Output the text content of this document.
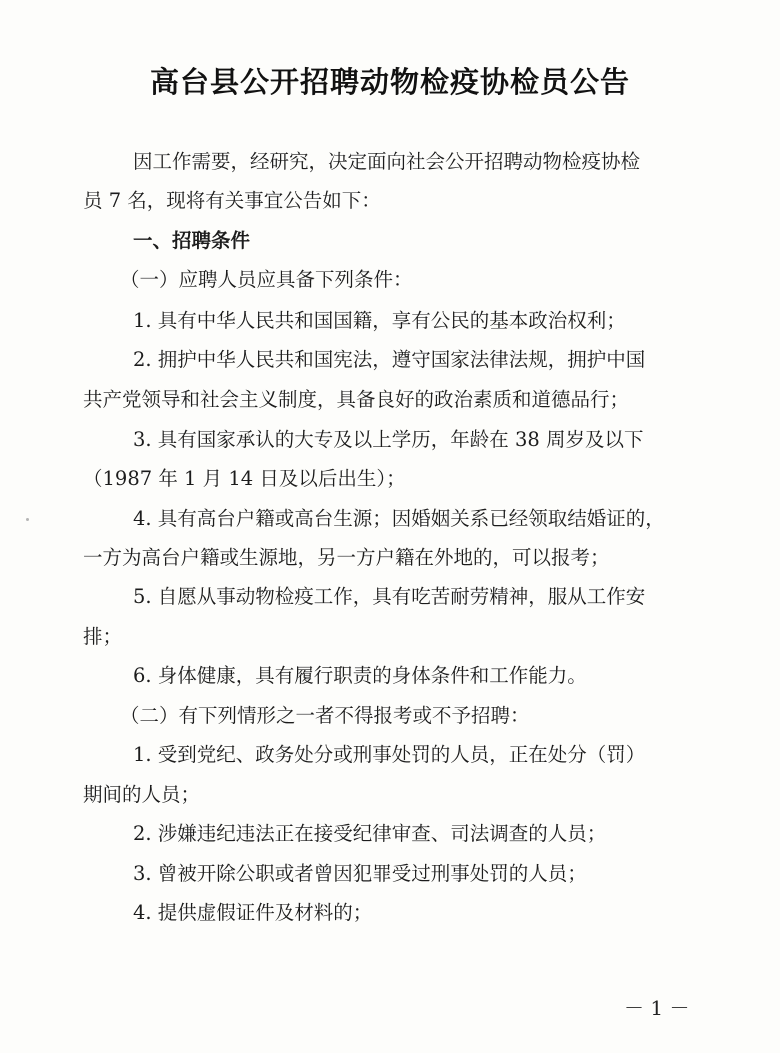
高台县公开招聘动物检疫协检员公告
因工作需要，经研究，决定面向社会公开招聘动物检疫协检
员 7 名，现将有关事宜公告如下：
一、招聘条件
（一）应聘人员应具备下列条件：
1. 具有中华人民共和国国籍，享有公民的基本政治权利；
2. 拥护中华人民共和国宪法，遵守国家法律法规，拥护中国
共产党领导和社会主义制度，具备良好的政治素质和道德品行；
3. 具有国家承认的大专及以上学历，年龄在 38 周岁及以下
（1987 年 1 月 14 日及以后出生）；
4. 具有高台户籍或高台生源；因婚姻关系已经领取结婚证的，
一方为高台户籍或生源地，另一方户籍在外地的，可以报考；
5. 自愿从事动物检疫工作，具有吃苦耐劳精神，服从工作安
排；
6. 身体健康，具有履行职责的身体条件和工作能力。
（二）有下列情形之一者不得报考或不予招聘：
1. 受到党纪、政务处分或刑事处罚的人员，正在处分（罚）
期间的人员；
2. 涉嫌违纪违法正在接受纪律审查、司法调查的人员；
3. 曾被开除公职或者曾因犯罪受过刑事处罚的人员；
4. 提供虚假证件及材料的；
－ 1 －
